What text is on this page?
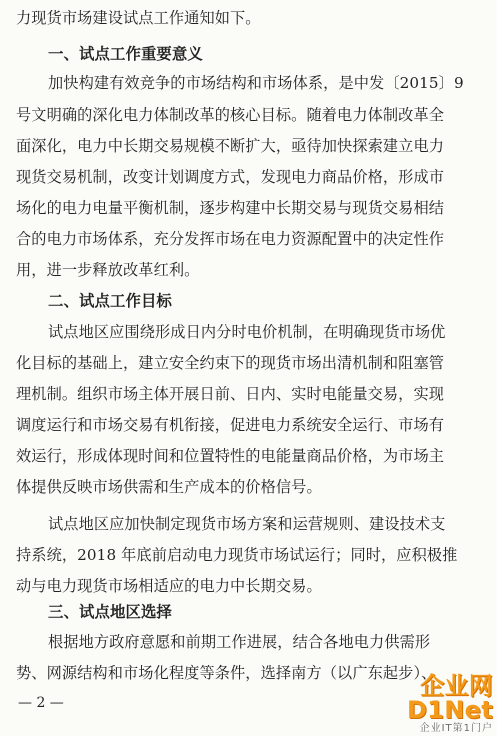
力现货市场建设试点工作通知如下。
一、试点工作重要意义
加快构建有效竞争的市场结构和市场体系，是中发〔2015〕9
号文明确的深化电力体制改革的核心目标。随着电力体制改革全
面深化，电力中长期交易规模不断扩大，亟待加快探索建立电力
现货交易机制，改变计划调度方式，发现电力商品价格，形成市
场化的电力电量平衡机制，逐步构建中长期交易与现货交易相结
合的电力市场体系，充分发挥市场在电力资源配置中的决定性作
用，进一步释放改革红利。
二、试点工作目标
试点地区应围绕形成日内分时电价机制，在明确现货市场优
化目标的基础上，建立安全约束下的现货市场出清机制和阻塞管
理机制。组织市场主体开展日前、日内、实时电能量交易，实现
调度运行和市场交易有机衔接，促进电力系统安全运行、市场有
效运行，形成体现时间和位置特性的电能量商品价格，为市场主
体提供反映市场供需和生产成本的价格信号。
试点地区应加快制定现货市场方案和运营规则、建设技术支
持系统，2018 年底前启动电力现货市场试运行；同时，应积极推
动与电力现货市场相适应的电力中长期交易。
三、试点地区选择
根据地方政府意愿和前期工作进展，结合各地电力供需形
势、网源结构和市场化程度等条件，选择南方（以广东起步）、
— 2 —
企业网D1Net
企业IT第1门户
